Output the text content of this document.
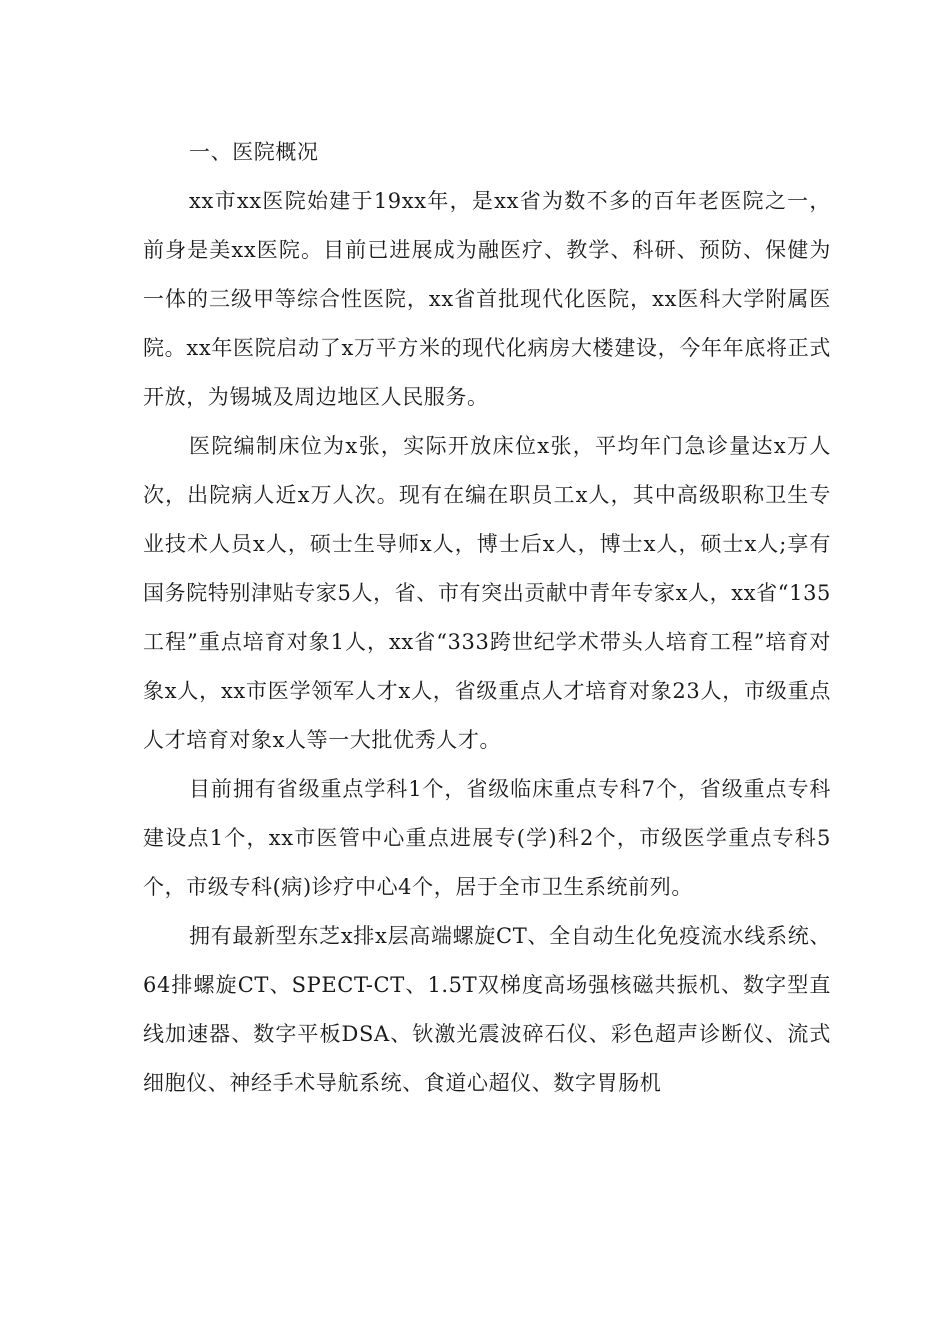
一、医院概况

xx市xx医院始建于19xx年，是xx省为数不多的百年老医院之一，前身是美xx医院。目前已进展成为融医疗、教学、科研、预防、保健为一体的三级甲等综合性医院，xx省首批现代化医院，xx医科大学附属医院。xx年医院启动了x万平方米的现代化病房大楼建设，今年年底将正式开放，为锡城及周边地区人民服务。

医院编制床位为x张，实际开放床位x张，平均年门急诊量达x万人次，出院病人近x万人次。现有在编在职员工x人，其中高级职称卫生专业技术人员x人，硕士生导师x人，博士后x人，博士x人，硕士x人;享有国务院特别津贴专家5人，省、市有突出贡献中青年专家x人，xx省“135工程”重点培育对象1人，xx省“333跨世纪学术带头人培育工程”培育对象x人，xx市医学领军人才x人，省级重点人才培育对象23人，市级重点人才培育对象x人等一大批优秀人才。

目前拥有省级重点学科1个，省级临床重点专科7个，省级重点专科建设点1个，xx市医管中心重点进展专(学)科2个，市级医学重点专科5个，市级专科(病)诊疗中心4个，居于全市卫生系统前列。

拥有最新型东芝x排x层高端螺旋CT、全自动生化免疫流水线系统、64排螺旋CT、SPECT-CT、1.5T双梯度高场强核磁共振机、数字型直线加速器、数字平板DSA、钬激光震波碎石仪、彩色超声诊断仪、流式细胞仪、神经手术导航系统、食道心超仪、数字胃肠机
